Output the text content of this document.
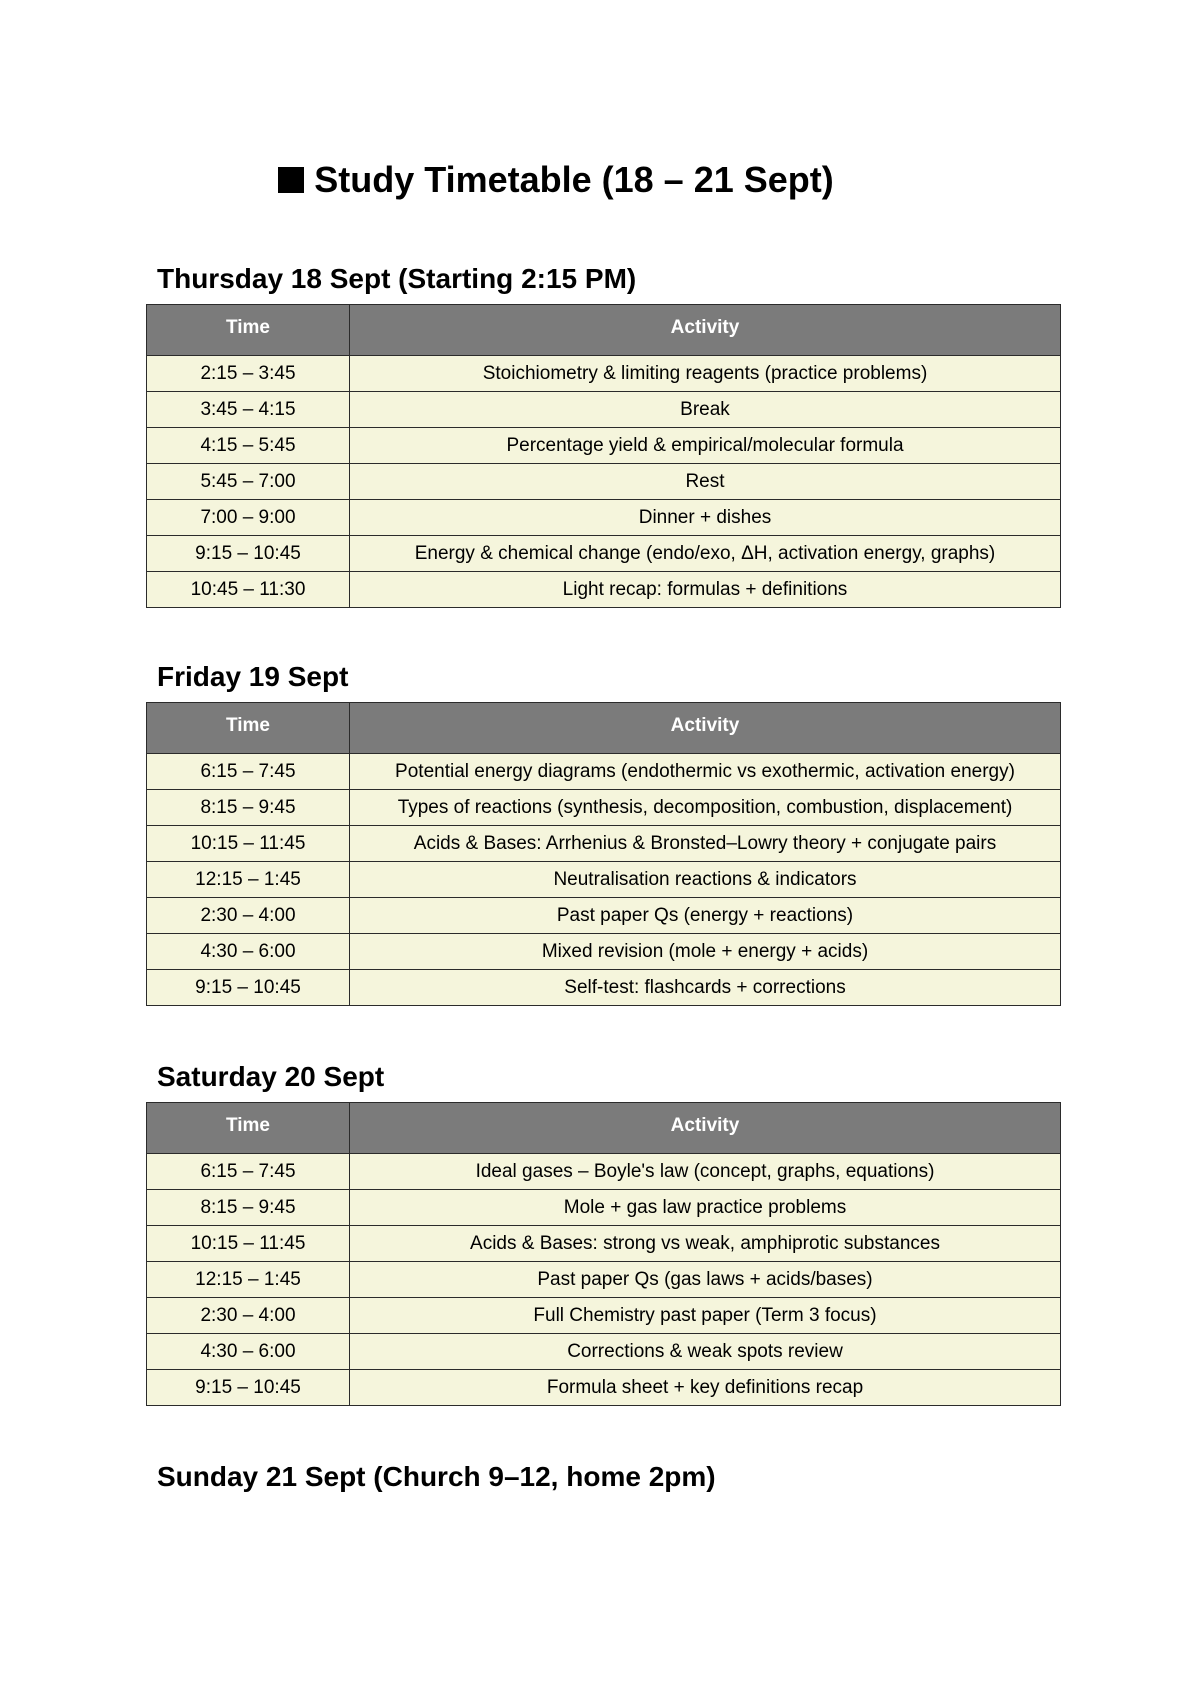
Study Timetable (18 – 21 Sept)
Thursday 18 Sept (Starting 2:15 PM)
Time	Activity
2:15 – 3:45	Stoichiometry & limiting reagents (practice problems)
3:45 – 4:15	Break
4:15 – 5:45	Percentage yield & empirical/molecular formula
5:45 – 7:00	Rest
7:00 – 9:00	Dinner + dishes
9:15 – 10:45	Energy & chemical change (endo/exo, ΔH, activation energy, graphs)
10:45 – 11:30	Light recap: formulas + definitions
Friday 19 Sept
Time	Activity
6:15 – 7:45	Potential energy diagrams (endothermic vs exothermic, activation energy)
8:15 – 9:45	Types of reactions (synthesis, decomposition, combustion, displacement)
10:15 – 11:45	Acids & Bases: Arrhenius & Bronsted–Lowry theory + conjugate pairs
12:15 – 1:45	Neutralisation reactions & indicators
2:30 – 4:00	Past paper Qs (energy + reactions)
4:30 – 6:00	Mixed revision (mole + energy + acids)
9:15 – 10:45	Self-test: flashcards + corrections
Saturday 20 Sept
Time	Activity
6:15 – 7:45	Ideal gases – Boyle's law (concept, graphs, equations)
8:15 – 9:45	Mole + gas law practice problems
10:15 – 11:45	Acids & Bases: strong vs weak, amphiprotic substances
12:15 – 1:45	Past paper Qs (gas laws + acids/bases)
2:30 – 4:00	Full Chemistry past paper (Term 3 focus)
4:30 – 6:00	Corrections & weak spots review
9:15 – 10:45	Formula sheet + key definitions recap
Sunday 21 Sept (Church 9–12, home 2pm)
